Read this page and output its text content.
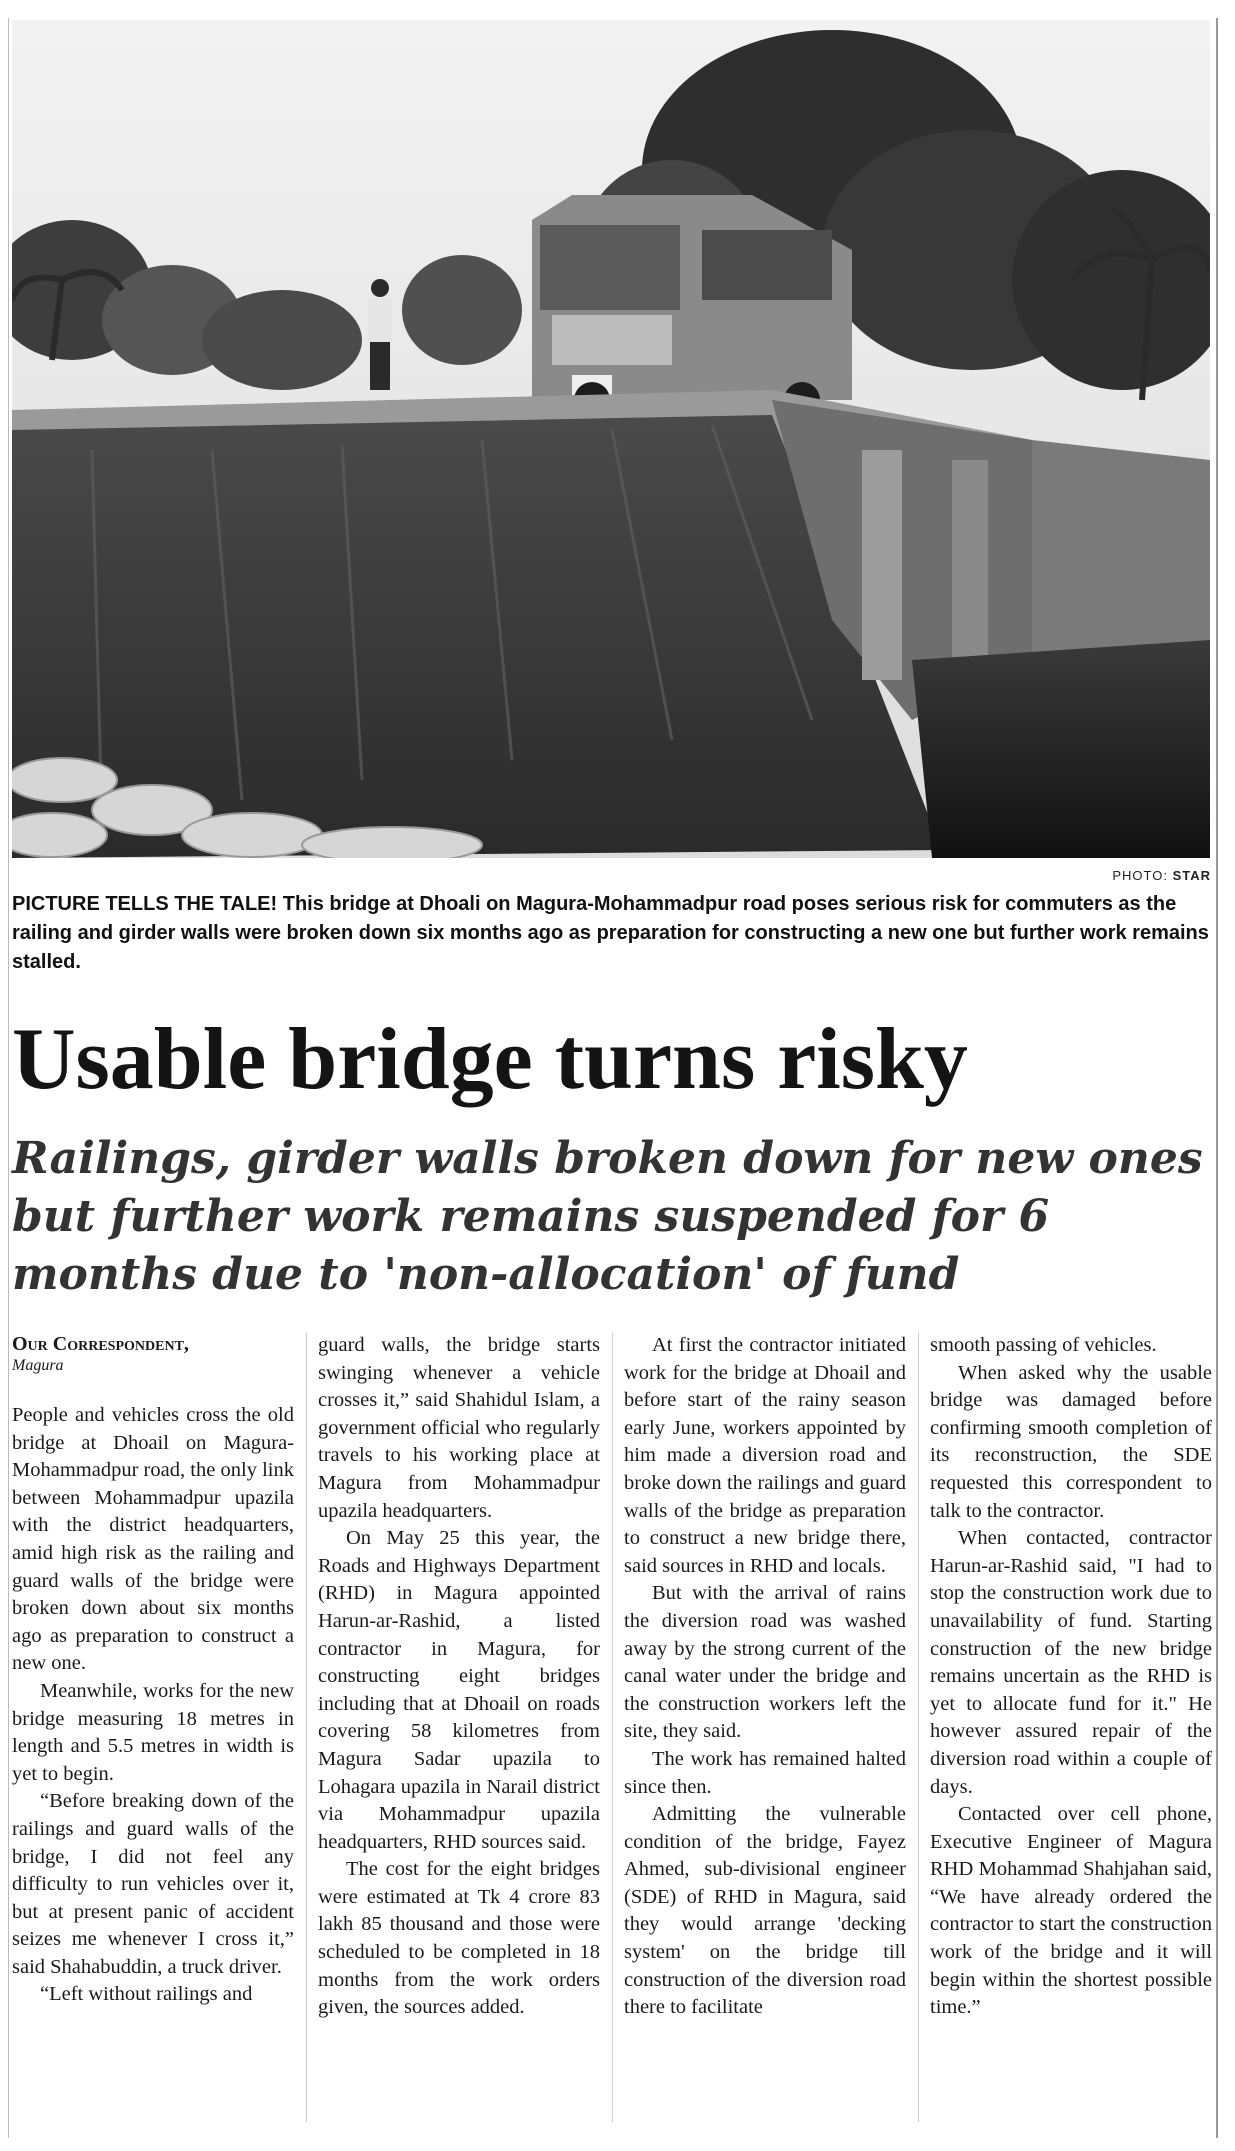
PHOTO: STAR
PICTURE TELLS THE TALE! This bridge at Dhoali on Magura-Mohammadpur road poses serious risk for commuters as the railing and girder walls were broken down six months ago as preparation for constructing a new one but further work remains stalled.
Usable bridge turns risky
Railings, girder walls broken down for new ones but further work remains suspended for 6 months due to 'non-allocation' of fund

Our Correspondent,

Magura

People and vehicles cross the old bridge at Dhoail on Magura-Mohammadpur road, the only link between Mohammadpur upazila with the district headquarters, amid high risk as the railing and guard walls of the bridge were broken down about six months ago as preparation to construct a new one.

Meanwhile, works for the new bridge measuring 18 metres in length and 5.5 metres in width is yet to begin.

“Before breaking down of the railings and guard walls of the bridge, I did not feel any difficulty to run vehicles over it, but at present panic of accident seizes me whenever I cross it,” said Shahabuddin, a truck driver.

“Left without railings and

guard walls, the bridge starts swinging whenever a vehicle crosses it,” said Shahidul Islam, a government official who regularly travels to his working place at Magura from Mohammadpur upazila headquarters.

On May 25 this year, the Roads and Highways Department (RHD) in Magura appointed Harun-ar-Rashid, a listed contractor in Magura, for constructing eight bridges including that at Dhoail on roads covering 58 kilometres from Magura Sadar upazila to Lohagara upazila in Narail district via Mohammadpur upazila headquarters, RHD sources said.

The cost for the eight bridges were estimated at Tk 4 crore 83 lakh 85 thousand and those were scheduled to be completed in 18 months from the work orders given, the sources added.

At first the contractor initiated work for the bridge at Dhoail and before start of the rainy season early June, workers appointed by him made a diversion road and broke down the railings and guard walls of the bridge as preparation to construct a new bridge there, said sources in RHD and locals.

But with the arrival of rains the diversion road was washed away by the strong current of the canal water under the bridge and the construction workers left the site, they said.

The work has remained halted since then.

Admitting the vulnerable condition of the bridge, Fayez Ahmed, sub-divisional engineer (SDE) of RHD in Magura, said they would arrange 'decking system' on the bridge till construction of the diversion road there to facilitate

smooth passing of vehicles.

When asked why the usable bridge was damaged before confirming smooth completion of its reconstruction, the SDE requested this correspondent to talk to the contractor.

When contacted, contractor Harun-ar-Rashid said, "I had to stop the construction work due to unavailability of fund. Starting construction of the new bridge remains uncertain as the RHD is yet to allocate fund for it." He however assured repair of the diversion road within a couple of days.

Contacted over cell phone, Executive Engineer of Magura RHD Mohammad Shahjahan said, “We have already ordered the contractor to start the construction work of the bridge and it will begin within the shortest possible time.”
